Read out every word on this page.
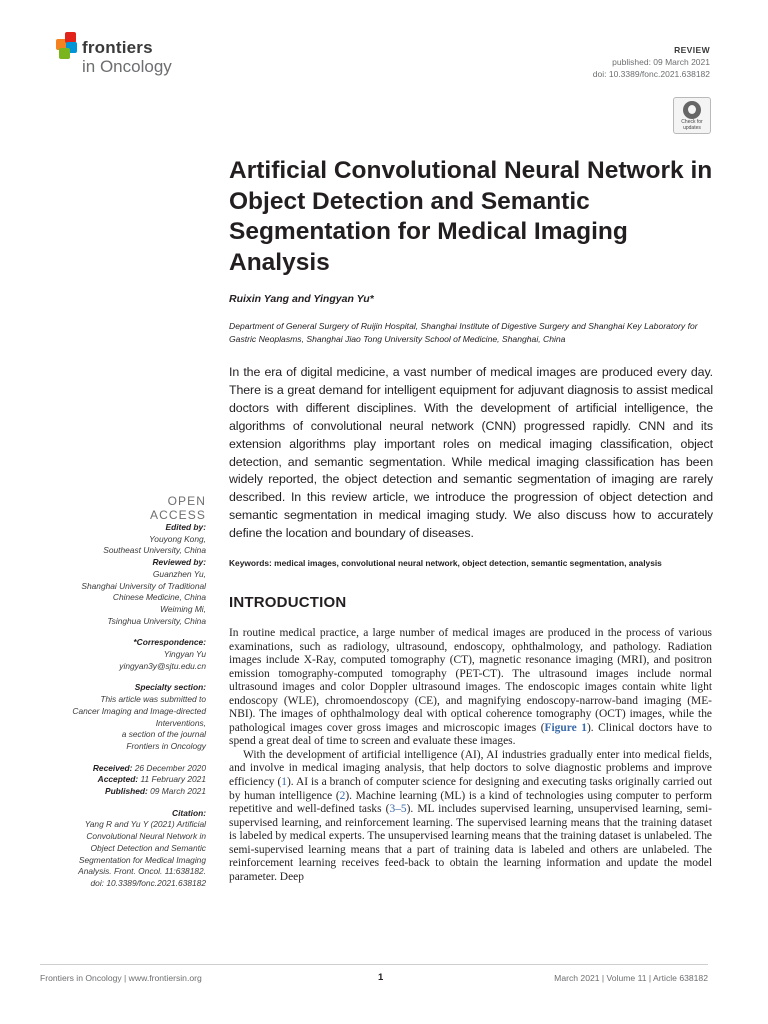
frontiers
in Oncology
REVIEW
published: 09 March 2021
doi: 10.3389/fonc.2021.638182
Check for updates
Artificial Convolutional Neural Network in Object Detection and Semantic Segmentation for Medical Imaging Analysis
Ruixin Yang and Yingyan Yu*
Department of General Surgery of Ruijin Hospital, Shanghai Institute of Digestive Surgery and Shanghai Key Laboratory for Gastric Neoplasms, Shanghai Jiao Tong University School of Medicine, Shanghai, China
In the era of digital medicine, a vast number of medical images are produced every day. There is a great demand for intelligent equipment for adjuvant diagnosis to assist medical doctors with different disciplines. With the development of artificial intelligence, the algorithms of convolutional neural network (CNN) progressed rapidly. CNN and its extension algorithms play important roles on medical imaging classification, object detection, and semantic segmentation. While medical imaging classification has been widely reported, the object detection and semantic segmentation of imaging are rarely described. In this review article, we introduce the progression of object detection and semantic segmentation in medical imaging study. We also discuss how to accurately define the location and boundary of diseases.
Keywords: medical images, convolutional neural network, object detection, semantic segmentation, analysis
INTRODUCTION

In routine medical practice, a large number of medical images are produced in the process of various examinations, such as radiology, ultrasound, endoscopy, ophthalmology, and pathology. Radiation images include X-Ray, computed tomography (CT), magnetic resonance imaging (MRI), and positron emission tomography-computed tomography (PET-CT). The ultrasound images include normal ultrasound images and color Doppler ultrasound images. The endoscopic images contain white light endoscopy (WLE), chromoendoscopy (CE), and magnifying endoscopy-narrow-band imaging (ME-NBI). The images of ophthalmology deal with optical coherence tomography (OCT) images, while the pathological images cover gross images and microscopic images (Figure 1). Clinical doctors have to spend a great deal of time to screen and evaluate these images.

With the development of artificial intelligence (AI), AI industries gradually enter into medical fields, and involve in medical imaging analysis, that help doctors to solve diagnostic problems and improve efficiency (1). AI is a branch of computer science for designing and executing tasks originally carried out by human intelligence (2). Machine learning (ML) is a kind of technologies using computer to perform repetitive and well-defined tasks (3–5). ML includes supervised learning, unsupervised learning, semi-supervised learning, and reinforcement learning. The supervised learning means that the training dataset is labeled by medical experts. The unsupervised learning means that the training dataset is unlabeled. The semi-supervised learning means that a part of training data is labeled and others are unlabeled. The reinforcement learning receives feed-back to obtain the learning information and update the model parameter. Deep

OPEN ACCESS
Edited by:
Youyong Kong,
Southeast University, China
Reviewed by:
Guanzhen Yu,
Shanghai University of Traditional
Chinese Medicine, China
Weiming Mi,
Tsinghua University, China
*Correspondence:
Yingyan Yu
yingyan3y@sjtu.edu.cn
Specialty section:
This article was submitted to
Cancer Imaging and Image-directed
Interventions,
a section of the journal
Frontiers in Oncology
Received: 26 December 2020
Accepted: 11 February 2021
Published: 09 March 2021
Citation:
Yang R and Yu Y (2021) Artificial
Convolutional Neural Network in
Object Detection and Semantic
Segmentation for Medical Imaging
Analysis. Front. Oncol. 11:638182.
doi: 10.3389/fonc.2021.638182
Frontiers in Oncology | www.frontiersin.org	1	March 2021 | Volume 11 | Article 638182
